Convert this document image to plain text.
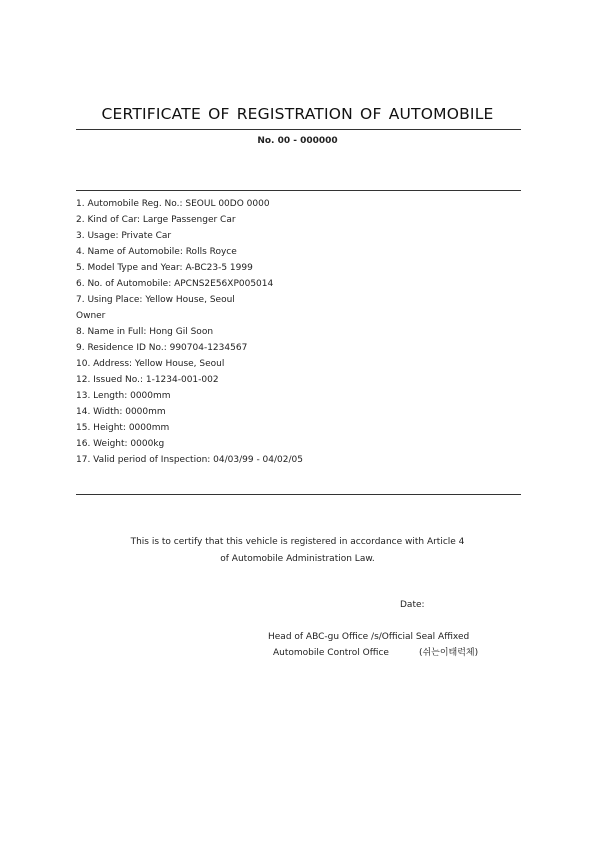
CERTIFICATE OF REGISTRATION OF AUTOMOBILE
No. 00 - 000000
1. Automobile Reg. No.: SEOUL 00DO 0000
2. Kind of Car: Large Passenger Car
3. Usage: Private Car
4. Name of Automobile: Rolls Royce
5. Model Type and Year: A-BC23-5 1999
6. No. of Automobile: APCNS2E56XP005014
7. Using Place: Yellow House, Seoul
Owner
8. Name in Full: Hong Gil Soon
9. Residence ID No.: 990704-1234567
10. Address: Yellow House, Seoul
12. Issued No.: 1-1234-001-002
13. Length: 0000mm
14. Width: 0000mm
15. Height: 0000mm
16. Weight: 0000kg
17. Valid period of Inspection: 04/03/99 - 04/02/05
This is to certify that this vehicle is registered in accordance with Article 4
of Automobile Administration Law.
Date:
Head of ABC-gu Office /s/Official Seal Affixed
Automobile Control Office	(쉬는이태럭체)
